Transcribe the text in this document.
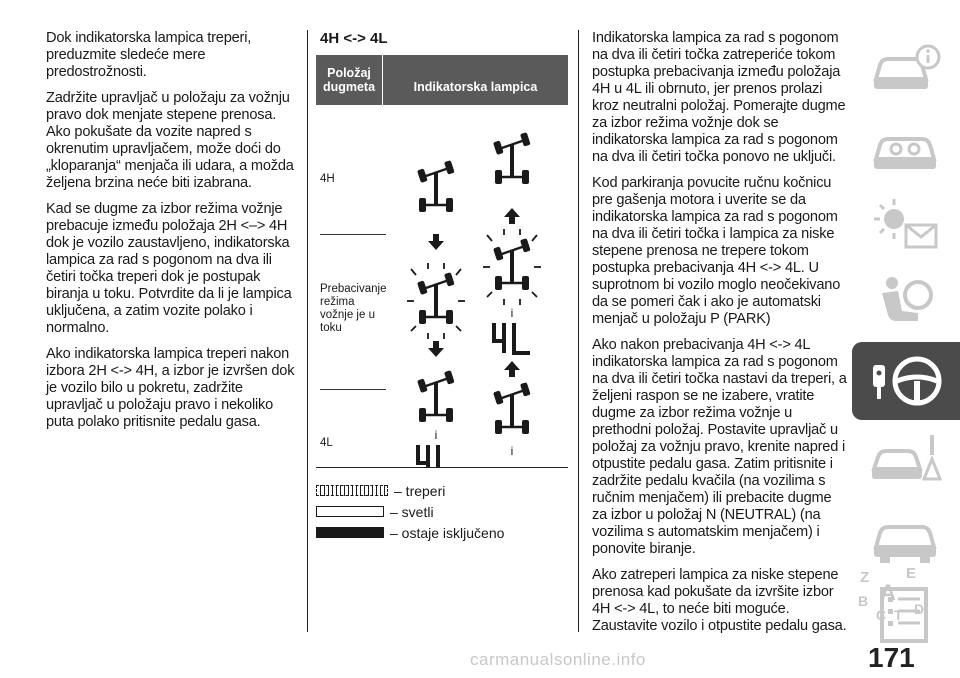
Dok indikatorska lampica treperi, preduzmite sledeće mere predostrožnosti.

Zadržite upravljač u položaju za vožnju pravo dok menjate stepene prenosa. Ako pokušate da vozite napred s okrenutim upravljačem, može doći do „kloparanja“ menjača ili udara, a možda željena brzina neće biti izabrana.

Kad se dugme za izbor režima vožnje prebacuje između položaja 2H <–> 4H dok je vozilo zaustavljeno, indikatorska lampica za rad s pogonom na dva ili četiri točka treperi dok je postupak biranja u toku. Potvrdite da li je lampica uključena, a zatim vozite polako i normalno.

Ako indikatorska lampica treperi nakon izbora 2H <-> 4H, a izbor je izvršen dok je vozilo bilo u pokretu, zadržite upravljač u položaju pravo i nekoliko puta polako pritisnite pedalu gasa.

4H <-> 4L
Položaj dugmeta	Indikatorska lampica
4H
Prebacivanje režima vožnje je u toku
4L
i
i
i
– treperi
– svetli
– ostaje isključeno

Indikatorska lampica za rad s pogonom na dva ili četiri točka zatreperiće tokom postupka prebacivanja između položaja 4H u 4L ili obrnuto, jer prenos prolazi kroz neutralni položaj. Pomerajte dugme za izbor režima vožnje dok se indikatorska lampica za rad s pogonom na dva ili četiri točka ponovo ne uključi.

Kod parkiranja povucite ručnu kočnicu pre gašenja motora i uverite se da indikatorska lampica za rad s pogonom na dva ili četiri točka i lampica za niske stepene prenosa ne trepere tokom postupka prebacivanja 4H <-> 4L. U suprotnom bi vozilo moglo neočekivano da se pomeri čak i ako je automatski menjač u položaju P (PARK)

Ako nakon prebacivanja 4H <-> 4L indikatorska lampica za rad s pogonom na dva ili četiri točka nastavi da treperi, a željeni raspon se ne izabere, vratite dugme za izbor režima vožnje u prethodni položaj. Postavite upravljač u položaj za vožnju pravo, krenite napred i otpustite pedalu gasa. Zatim pritisnite i zadržite pedalu kvačila (na vozilima s ručnim menjačem) ili prebacite dugme za izbor u položaj N (NEUTRAL) (na vozilima s automatskim menjačem) i ponovite biranje.

Ako zatreperi lampica za niske stepene prenosa kad pokušate da izvršite izbor 4H <-> 4L, to neće biti moguće. Zaustavite vozilo i otpustite pedalu gasa.

Z E
A
B
C T D
171
carmanualsonline.info
